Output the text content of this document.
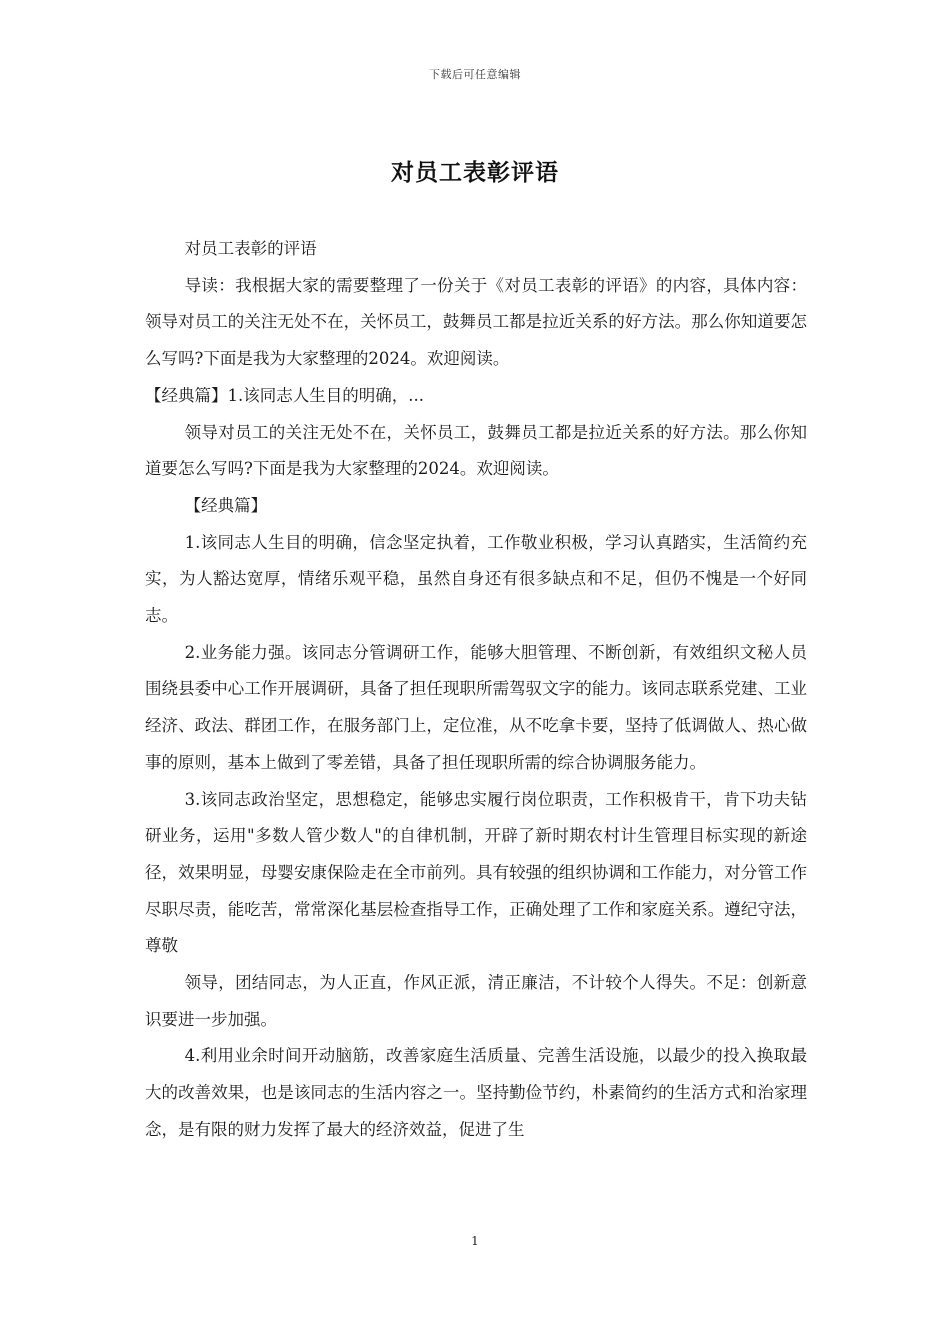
下载后可任意编辑
对员工表彰评语

对员工表彰的评语

导读：我根据大家的需要整理了一份关于《对员工表彰的评语》的内容，具体内容：领导对员工的关注无处不在，关怀员工，鼓舞员工都是拉近关系的好方法。那么你知道要怎么写吗?下面是我为大家整理的2024。欢迎阅读。

【经典篇】1.该同志人生目的明确，...

领导对员工的关注无处不在，关怀员工，鼓舞员工都是拉近关系的好方法。那么你知道要怎么写吗?下面是我为大家整理的2024。欢迎阅读。

【经典篇】

1.该同志人生目的明确，信念坚定执着，工作敬业积极，学习认真踏实，生活简约充实，为人豁达宽厚，情绪乐观平稳，虽然自身还有很多缺点和不足，但仍不愧是一个好同志。

2.业务能力强。该同志分管调研工作，能够大胆管理、不断创新，有效组织文秘人员围绕县委中心工作开展调研，具备了担任现职所需驾驭文字的能力。该同志联系党建、工业经济、政法、群团工作，在服务部门上，定位准，从不吃拿卡要，坚持了低调做人、热心做事的原则，基本上做到了零差错，具备了担任现职所需的综合协调服务能力。

3.该同志政治坚定，思想稳定，能够忠实履行岗位职责，工作积极肯干，肯下功夫钻研业务，运用"多数人管少数人"的自律机制，开辟了新时期农村计生管理目标实现的新途径，效果明显，母婴安康保险走在全市前列。具有较强的组织协调和工作能力，对分管工作尽职尽责，能吃苦，常常深化基层检查指导工作，正确处理了工作和家庭关系。遵纪守法，尊敬

领导，团结同志，为人正直，作风正派，清正廉洁，不计较个人得失。不足：创新意识要进一步加强。

4.利用业余时间开动脑筋，改善家庭生活质量、完善生活设施，以最少的投入换取最大的改善效果，也是该同志的生活内容之一。坚持勤俭节约，朴素简约的生活方式和治家理念，是有限的财力发挥了最大的经济效益，促进了生

1
